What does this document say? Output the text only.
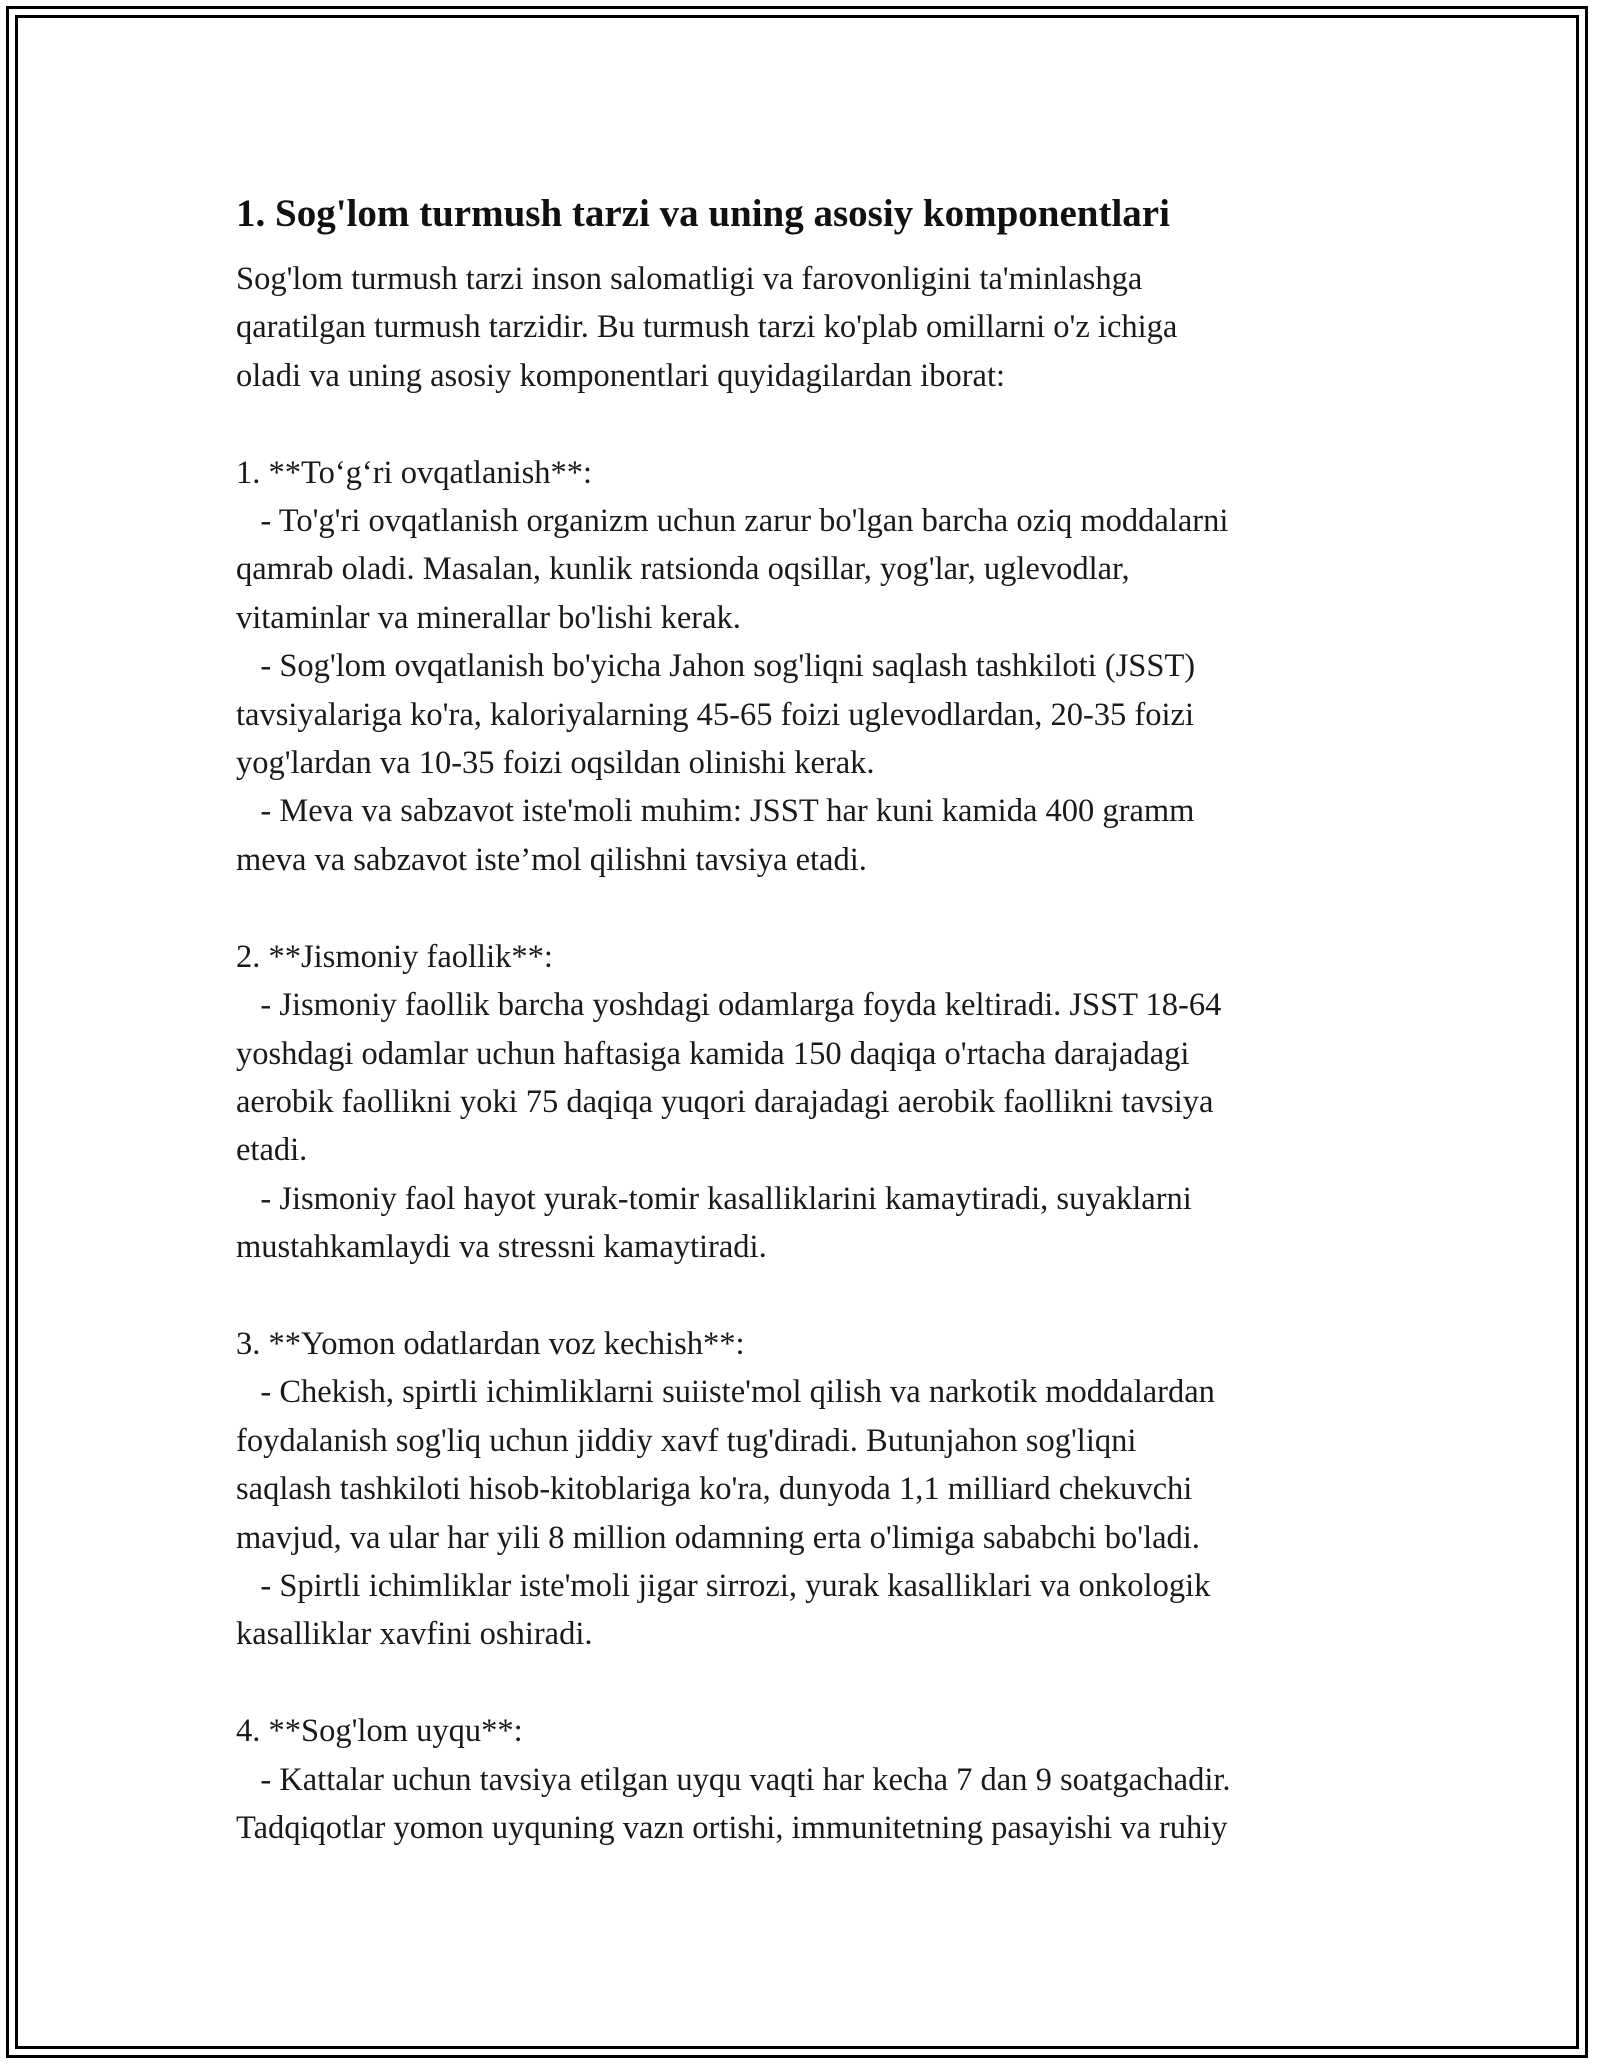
1. Sog'lom turmush tarzi va uning asosiy komponentlari

Sog'lom turmush tarzi inson salomatligi va farovonligini ta'minlashga
qaratilgan turmush tarzidir. Bu turmush tarzi ko'plab omillarni o'z ichiga
oladi va uning asosiy komponentlari quyidagilardan iborat:

1. **To‘g‘ri ovqatlanish**:
- To'g'ri ovqatlanish organizm uchun zarur bo'lgan barcha oziq moddalarni
qamrab oladi. Masalan, kunlik ratsionda oqsillar, yog'lar, uglevodlar,
vitaminlar va minerallar bo'lishi kerak.
- Sog'lom ovqatlanish bo'yicha Jahon sog'liqni saqlash tashkiloti (JSST)
tavsiyalariga ko'ra, kaloriyalarning 45-65 foizi uglevodlardan, 20-35 foizi
yog'lardan va 10-35 foizi oqsildan olinishi kerak.
- Meva va sabzavot iste'moli muhim: JSST har kuni kamida 400 gramm
meva va sabzavot iste’mol qilishni tavsiya etadi.

2. **Jismoniy faollik**:
- Jismoniy faollik barcha yoshdagi odamlarga foyda keltiradi. JSST 18-64
yoshdagi odamlar uchun haftasiga kamida 150 daqiqa o'rtacha darajadagi
aerobik faollikni yoki 75 daqiqa yuqori darajadagi aerobik faollikni tavsiya
etadi.
- Jismoniy faol hayot yurak-tomir kasalliklarini kamaytiradi, suyaklarni
mustahkamlaydi va stressni kamaytiradi.

3. **Yomon odatlardan voz kechish**:
- Chekish, spirtli ichimliklarni suiiste'mol qilish va narkotik moddalardan
foydalanish sog'liq uchun jiddiy xavf tug'diradi. Butunjahon sog'liqni
saqlash tashkiloti hisob-kitoblariga ko'ra, dunyoda 1,1 milliard chekuvchi
mavjud, va ular har yili 8 million odamning erta o'limiga sababchi bo'ladi.
- Spirtli ichimliklar iste'moli jigar sirrozi, yurak kasalliklari va onkologik
kasalliklar xavfini oshiradi.

4. **Sog'lom uyqu**:
- Kattalar uchun tavsiya etilgan uyqu vaqti har kecha 7 dan 9 soatgachadir.
Tadqiqotlar yomon uyquning vazn ortishi, immunitetning pasayishi va ruhiy
